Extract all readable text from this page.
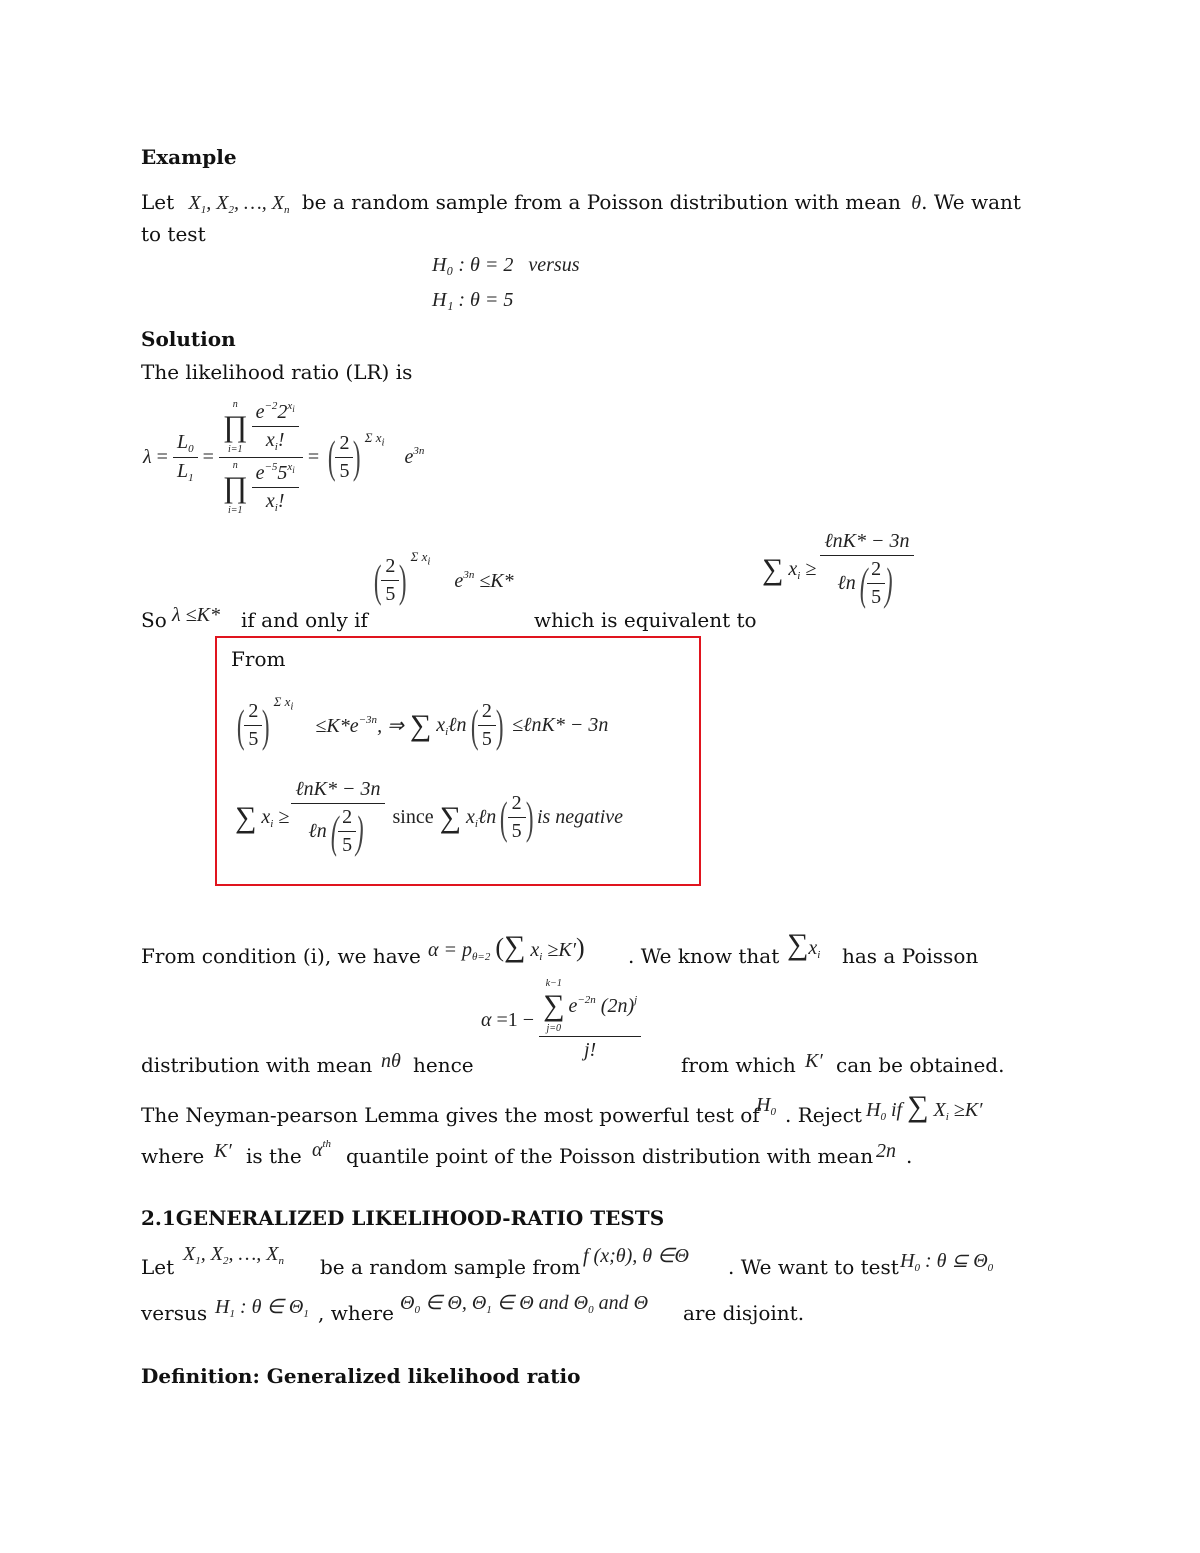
Example
Let $X_1$, $X_2$, …, $X_n$ be a random sample from a Poisson distribution with mean θ. We want
to test
H₀ : θ = 2 versus
H₁ : θ = 5
Solution
The likelihood ratio (LR) is
$\lambda = \frac{L_0}{L_1} = n$
∏
$i=1 \frac{e^{-2}2^{x_i}}{x_i!}$
n
∏
$i=1 \frac{e^{-5}5^{x_i}}{x_i!}$ = ( $\frac{2}{5}$ ) Σ $x_i$
$e^{3n}$
So λ ≤K* if and only if
( $\frac{2}{5}$ ) Σ $x_i$
$e^{3n} \le K*$
which is equivalent to
∑
$x_i \ge \frac{\text{ℓnK* − 3n}}{\ell n ( \frac{2}{5} )}$
From
( $\frac{2}{5}$ ) Σ $x_i$
$\le K*e^{-3n}$, ⇒ ∑ $x_i\ell n$ ( $\frac{2}{5}$ ) ≤ℓnK* − 3n
∑ $x_i \ge \frac{\text{ℓnK* − 3n}}{\ell n ( \frac{2}{5} )}$ since ∑ $x_i\ell n$ ( $\frac{2}{5}$ ) is negative
From condition (i), we have $\alpha = p_{\theta=2}$ (∑ $x_i \ge K'$) . We know that $\sum x_i$ has a Poisson
α =1 − k−1
∑
j=0
$e^{-2n}$ $(2n)^j$
j!
distribution with mean nθ hence	from which K′ can be obtained.
The Neyman-pearson Lemma gives the most powerful test of
$H_0$ . Reject $H_0$ if ∑ $X_i \ge K'$
where K′ is the $\alpha^{th}$ quantile point of the Poisson distribution with mean 2n .
2.1GENERALIZED LIKELIHOOD-RATIO TESTS
Let
$X_1$, $X_2$, …, $X_n$ be a random sample from f (x;θ), θ ∈Θ . We want to test $H_0$ : θ ⊆ $\Theta_0$
versus $H_1$ : θ ∈ $\Theta_1$ , where $\Theta_0$ ∈ Θ, $\Theta_1$ ∈ Θ and $\Theta_0$ and Θ are disjoint.
Definition: Generalized likelihood ratio
